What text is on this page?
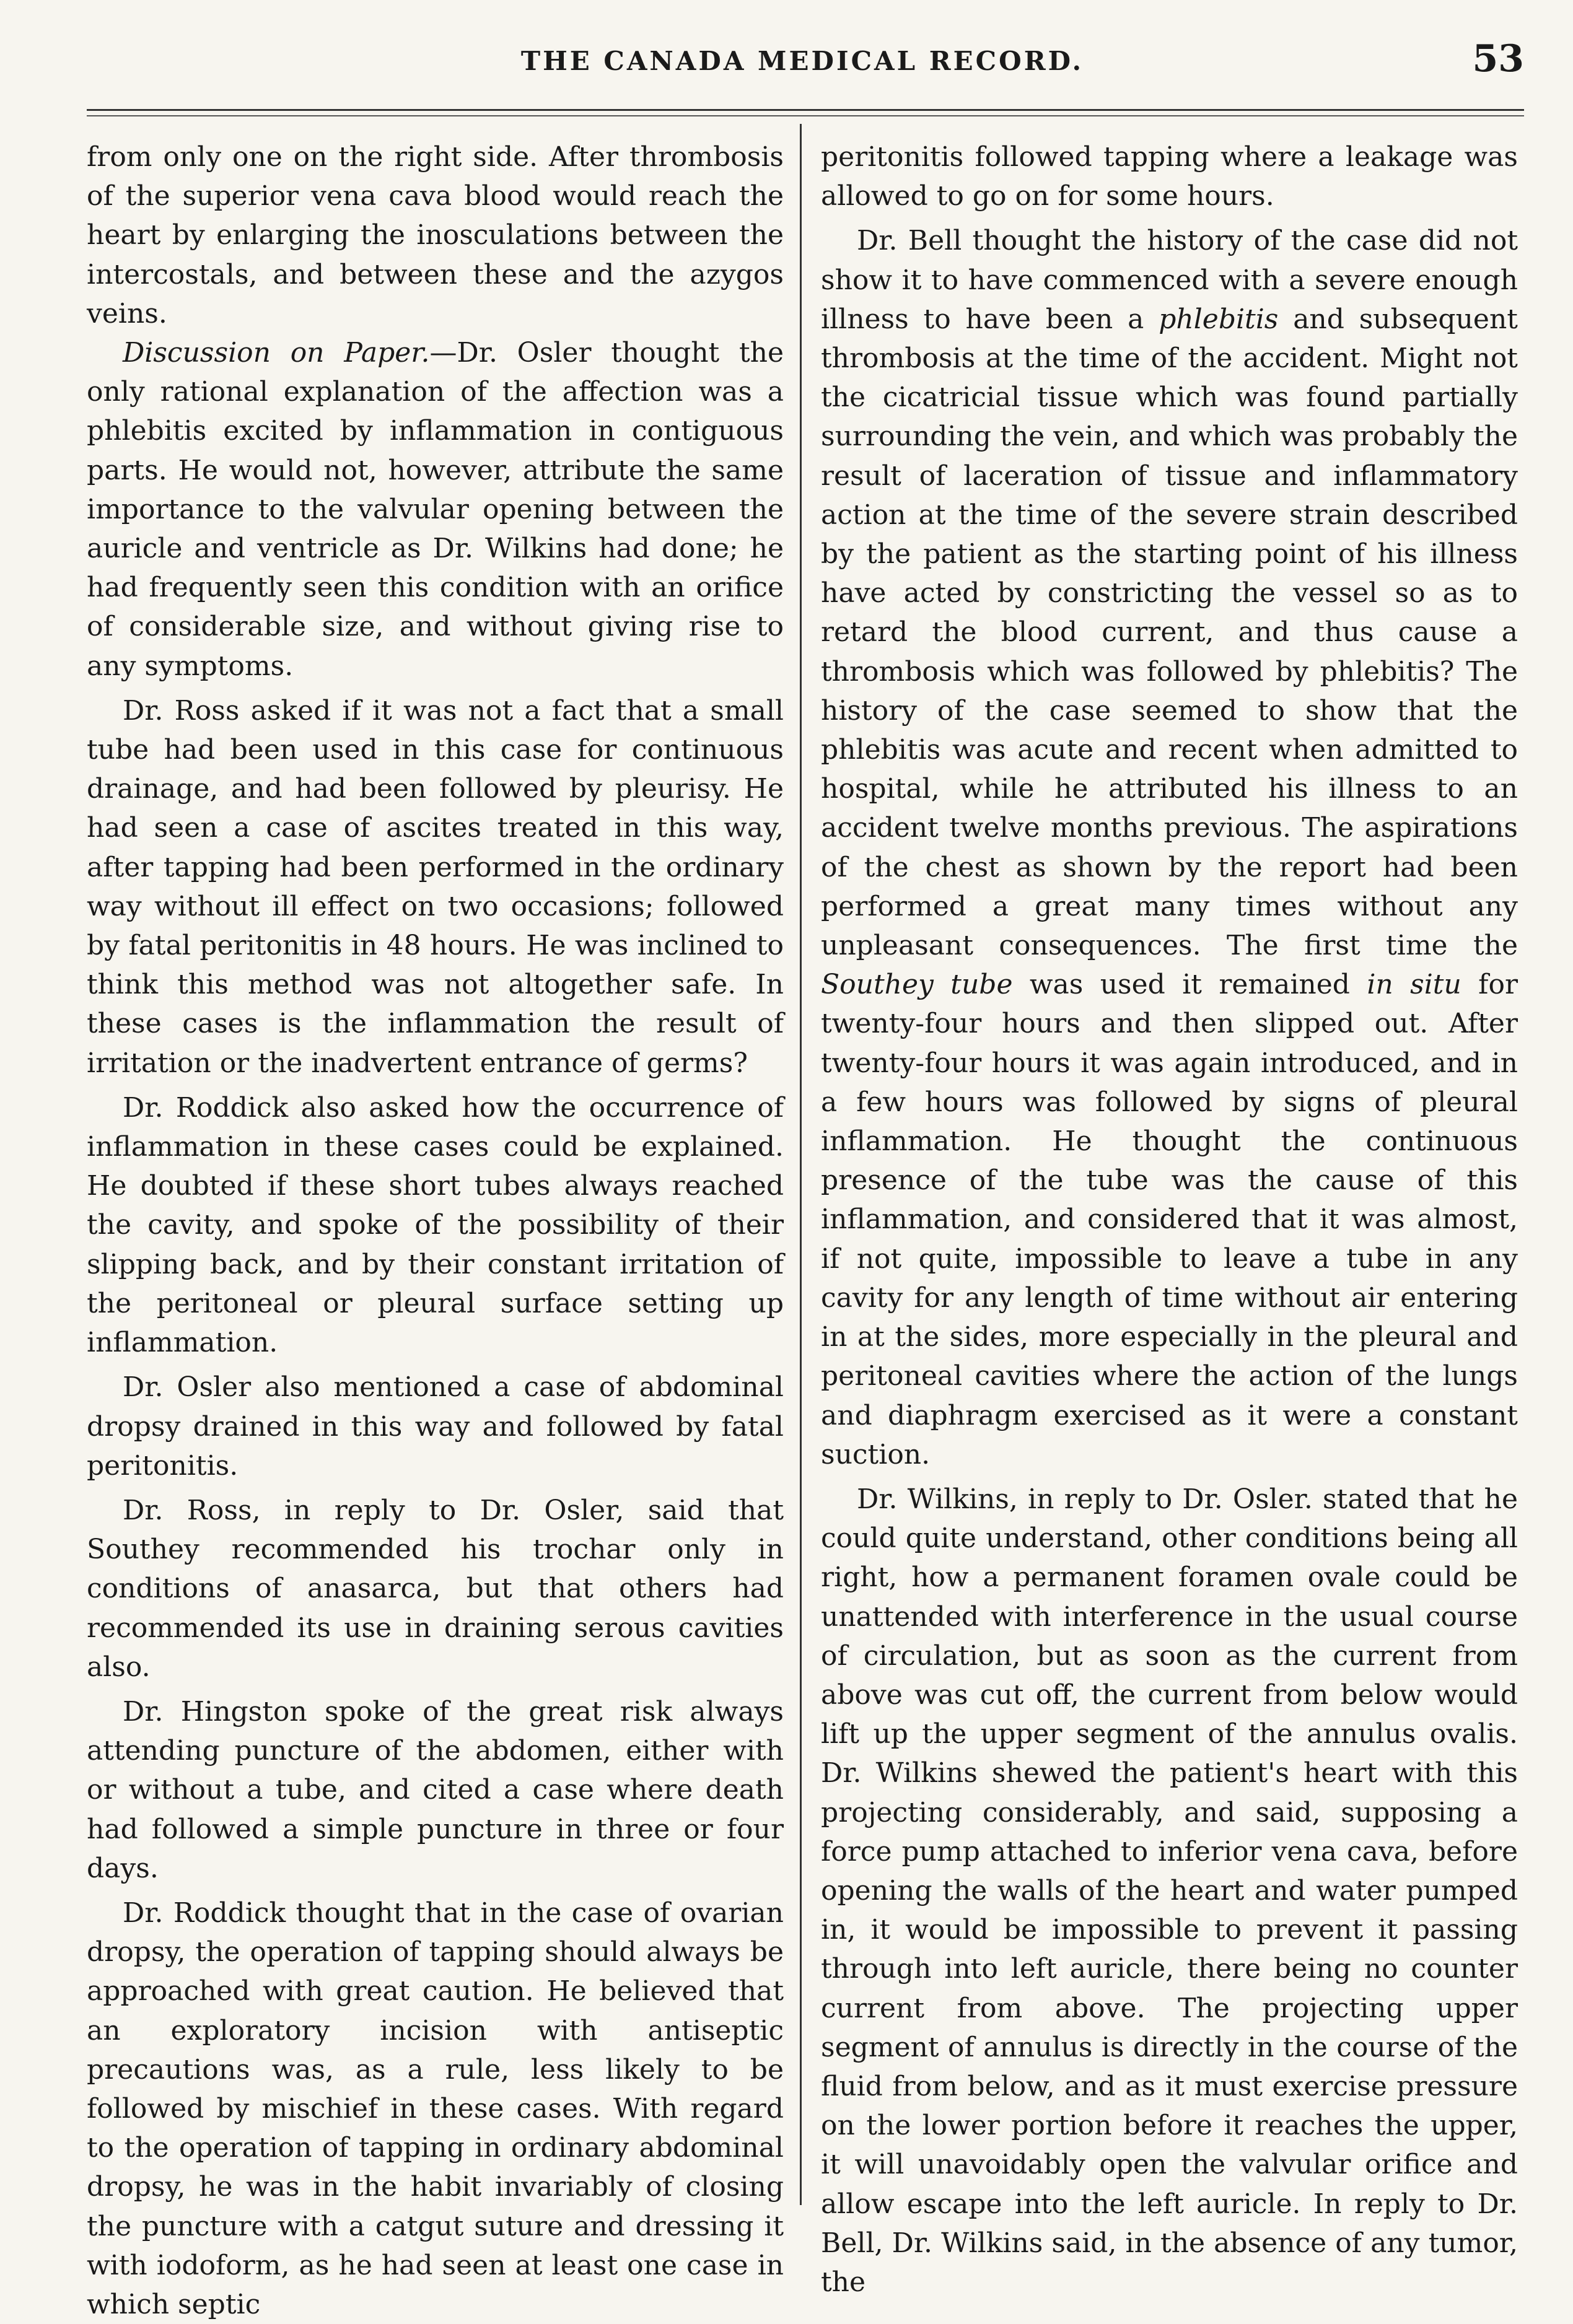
THE CANADA MEDICAL RECORD.	53

from only one on the right side. After thrombosis of the superior vena cava blood would reach the heart by enlarging the inosculations between the intercostals, and between these and the azygos veins.

Discussion on Paper.—Dr. Osler thought the only rational explanation of the affection was a phlebitis excited by inflammation in contiguous parts. He would not, however, attribute the same importance to the valvular opening between the auricle and ventricle as Dr. Wilkins had done; he had frequently seen this condition with an orifice of considerable size, and without giving rise to any symptoms.

Dr. Ross asked if it was not a fact that a small tube had been used in this case for continuous drainage, and had been followed by pleurisy. He had seen a case of ascites treated in this way, after tapping had been performed in the ordinary way without ill effect on two occasions; followed by fatal peritonitis in 48 hours. He was inclined to think this method was not altogether safe. In these cases is the inflammation the result of irritation or the inadvertent entrance of germs?

Dr. Roddick also asked how the occurrence of inflammation in these cases could be explained. He doubted if these short tubes always reached the cavity, and spoke of the possibility of their slipping back, and by their constant irritation of the peritoneal or pleural surface setting up inflammation.

Dr. Osler also mentioned a case of abdominal dropsy drained in this way and followed by fatal peritonitis.

Dr. Ross, in reply to Dr. Osler, said that Southey recommended his trochar only in conditions of anasarca, but that others had recommended its use in draining serous cavities also.

Dr. Hingston spoke of the great risk always attending puncture of the abdomen, either with or without a tube, and cited a case where death had followed a simple puncture in three or four days.

Dr. Roddick thought that in the case of ovarian dropsy, the operation of tapping should always be approached with great caution. He believed that an exploratory incision with antiseptic precautions was, as a rule, less likely to be followed by mischief in these cases. With regard to the operation of tapping in ordinary abdominal dropsy, he was in the habit invariably of closing the puncture with a catgut suture and dressing it with iodoform, as he had seen at least one case in which septic

peritonitis followed tapping where a leakage was allowed to go on for some hours.

Dr. Bell thought the history of the case did not show it to have commenced with a severe enough illness to have been a phlebitis and subsequent thrombosis at the time of the accident. Might not the cicatricial tissue which was found partially surrounding the vein, and which was probably the result of laceration of tissue and inflammatory action at the time of the severe strain described by the patient as the starting point of his illness have acted by constricting the vessel so as to retard the blood current, and thus cause a thrombosis which was followed by phlebitis? The history of the case seemed to show that the phlebitis was acute and recent when admitted to hospital, while he attributed his illness to an accident twelve months previous. The aspirations of the chest as shown by the report had been performed a great many times without any unpleasant consequences. The first time the Southey tube was used it remained in situ for twenty-four hours and then slipped out. After twenty-four hours it was again introduced, and in a few hours was followed by signs of pleural inflammation. He thought the continuous presence of the tube was the cause of this inflammation, and considered that it was almost, if not quite, impossible to leave a tube in any cavity for any length of time without air entering in at the sides, more especially in the pleural and peritoneal cavities where the action of the lungs and diaphragm exercised as it were a constant suction.

Dr. Wilkins, in reply to Dr. Osler. stated that he could quite understand, other conditions being all right, how a permanent foramen ovale could be unattended with interference in the usual course of circulation, but as soon as the current from above was cut off, the current from below would lift up the upper segment of the annulus ovalis. Dr. Wilkins shewed the patient's heart with this projecting considerably, and said, supposing a force pump attached to inferior vena cava, before opening the walls of the heart and water pumped in, it would be impossible to prevent it passing through into left auricle, there being no counter current from above. The projecting upper segment of annulus is directly in the course of the fluid from below, and as it must exercise pressure on the lower portion before it reaches the upper, it will unavoidably open the valvular orifice and allow escape into the left auricle. In reply to Dr. Bell, Dr. Wilkins said, in the absence of any tumor, the
